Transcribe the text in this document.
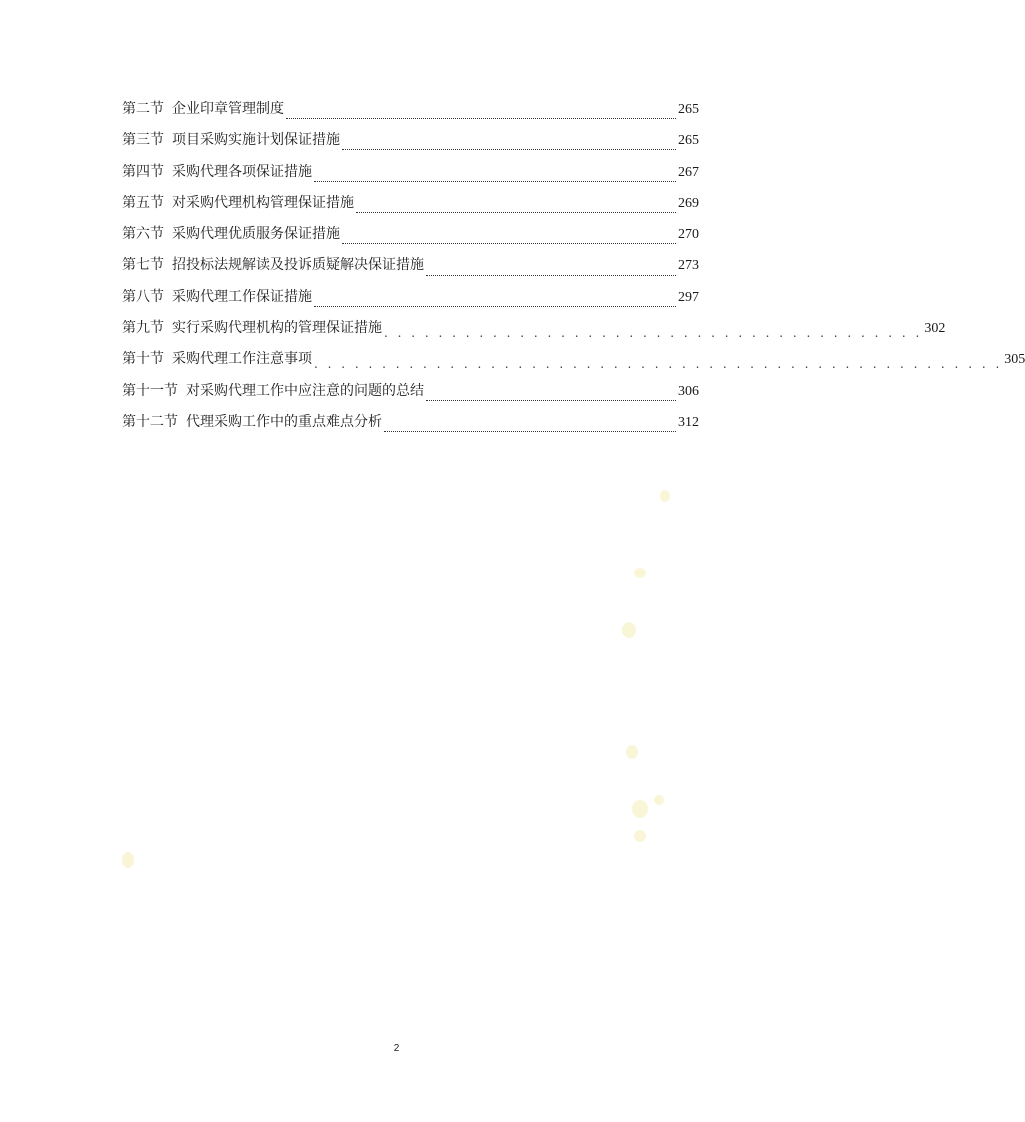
第二节 企业印章管理制度	265
第三节 项目采购实施计划保证措施	265
第四节 采购代理各项保证措施	267
第五节 对采购代理机构管理保证措施	269
第六节 采购代理优质服务保证措施	270
第七节 招投标法规解读及投诉质疑解决保证措施	273
第八节 采购代理工作保证措施	297
第九节 实行采购代理机构的管理保证措施 . . . . . . . . . . . . . . . . . . . . . . . . . . . . . . . . . . . . . . . . 302
第十节 采购代理工作注意事项 . . . . . . . . . . . . . . . . . . . . . . . . . . . . . . . . . . . . . . . . . . . . . . . . . . . 305
第十一节 对采购代理工作中应注意的问题的总结	306
第十二节 代理采购工作中的重点难点分析	312
2
